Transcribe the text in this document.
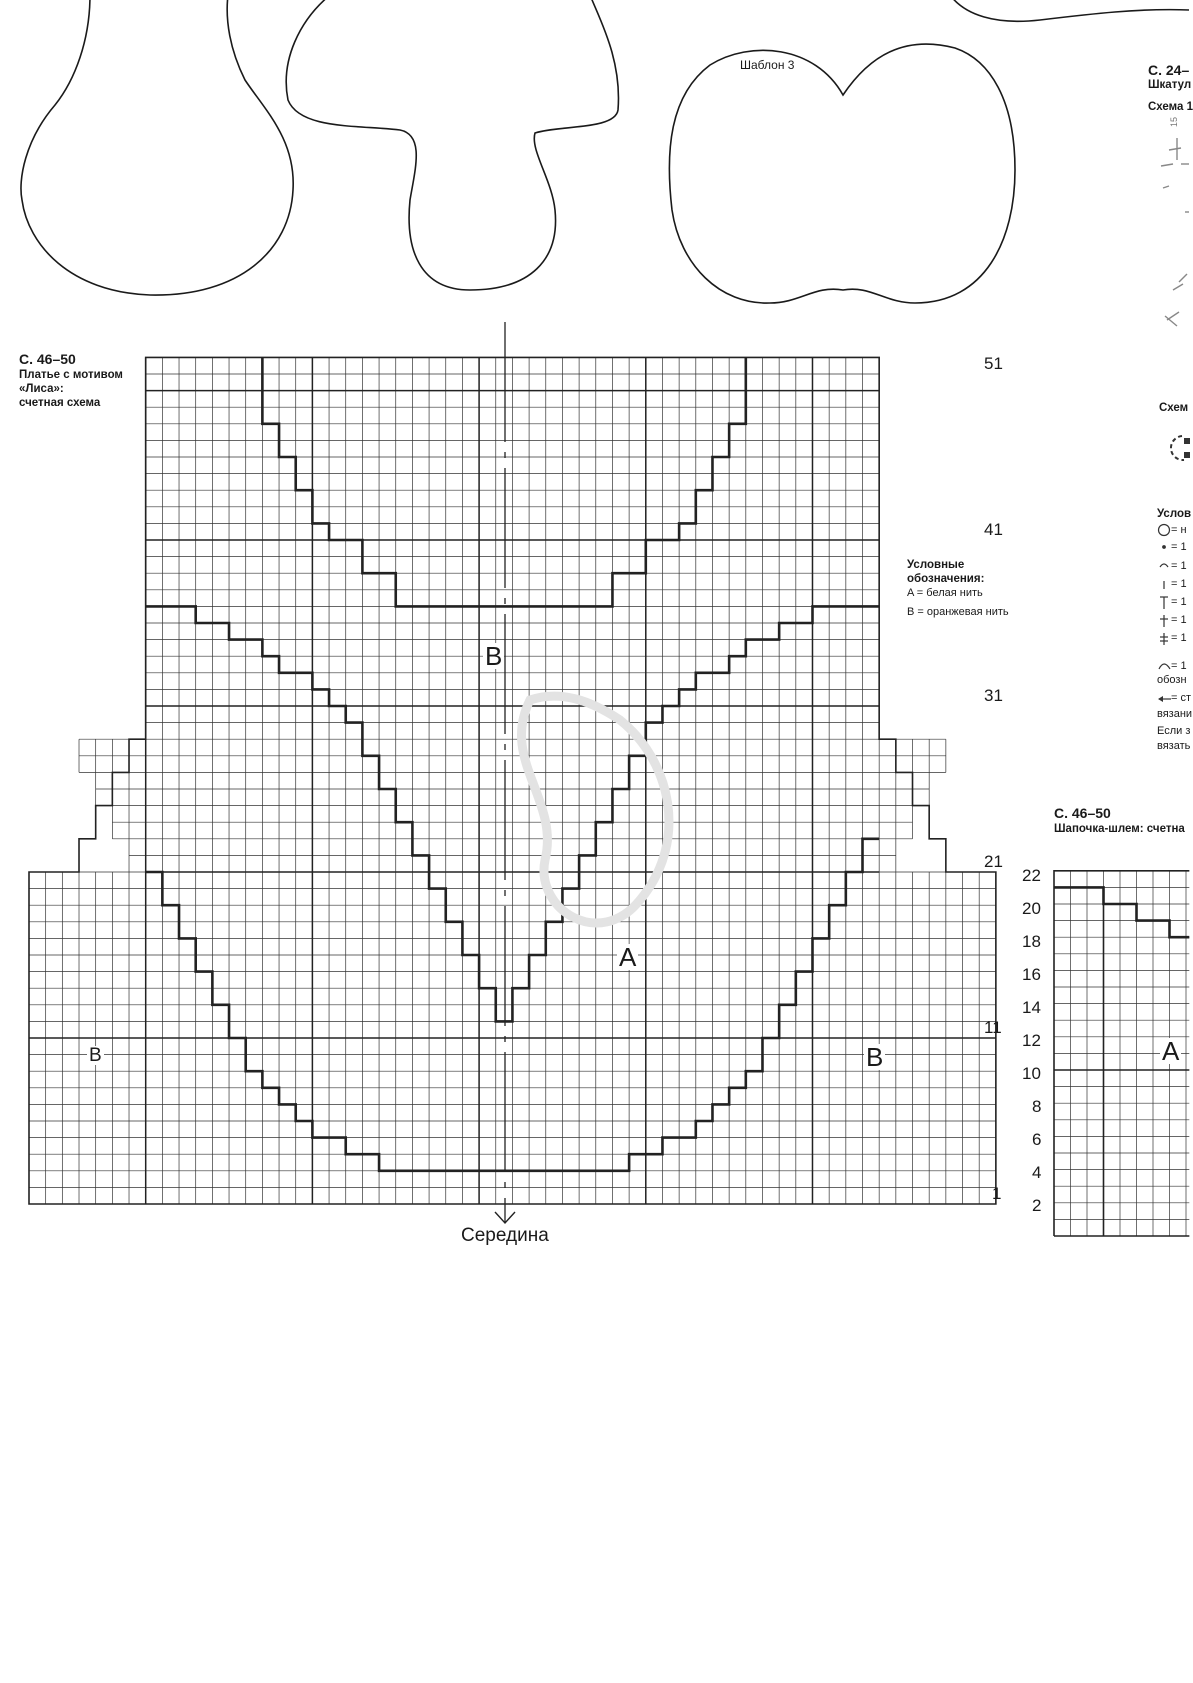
Шаблон 3
С. 46–50
Платье с мотивом
«Лиса»:
счетная схема
51
41
31
21
11
1
B
A
B	B
Середина
Условные
обозначения:
A = белая нить
B = оранжевая нить
С. 24–
Шкатул
Схема 1
15
Схем
Услов
= н
= 1
= 1
= 1
= 1
= 1
= 1
= 1
обозн
= ст
вязани
Если з
вязать
С. 46–50
Шапочка-шлем: счетна
22
20
18
16
14
12
10
8
6
4
2
A
